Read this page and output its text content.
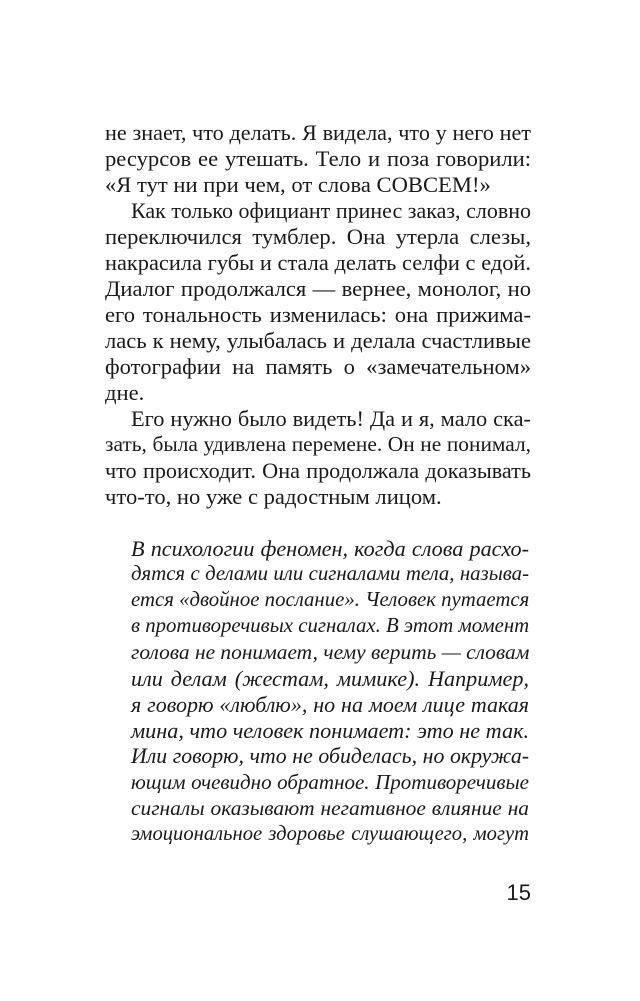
не знает, что делать. Я видела, что у него нет
ресурсов ее утешать. Тело и поза говорили:
«Я тут ни при чем, от слова СОВСЕМ!»
Как только официант принес заказ, словно
переключился тумблер. Она утерла слезы,
накрасила губы и стала делать селфи с едой.
Диалог продолжался — вернее, монолог, но
его тональность изменилась: она прижима-
лась к нему, улыбалась и делала счастливые
фотографии на память о «замечательном»
дне.
Его нужно было видеть! Да и я, мало ска-
зать, была удивлена перемене. Он не понимал,
что происходит. Она продолжала доказывать
что-то, но уже с радостным лицом.
В психологии феномен, когда слова расхо-
дятся с делами или сигналами тела, называ-
ется «двойное послание». Человек путается
в противоречивых сигналах. В этот момент
голова не понимает, чему верить — словам
или делам (жестам, мимике). Например,
я говорю «люблю», но на моем лице такая
мина, что человек понимает: это не так.
Или говорю, что не обиделась, но окружа-
ющим очевидно обратное. Противоречивые
сигналы оказывают негативное влияние на
эмоциональное здоровье слушающего, могут
15
